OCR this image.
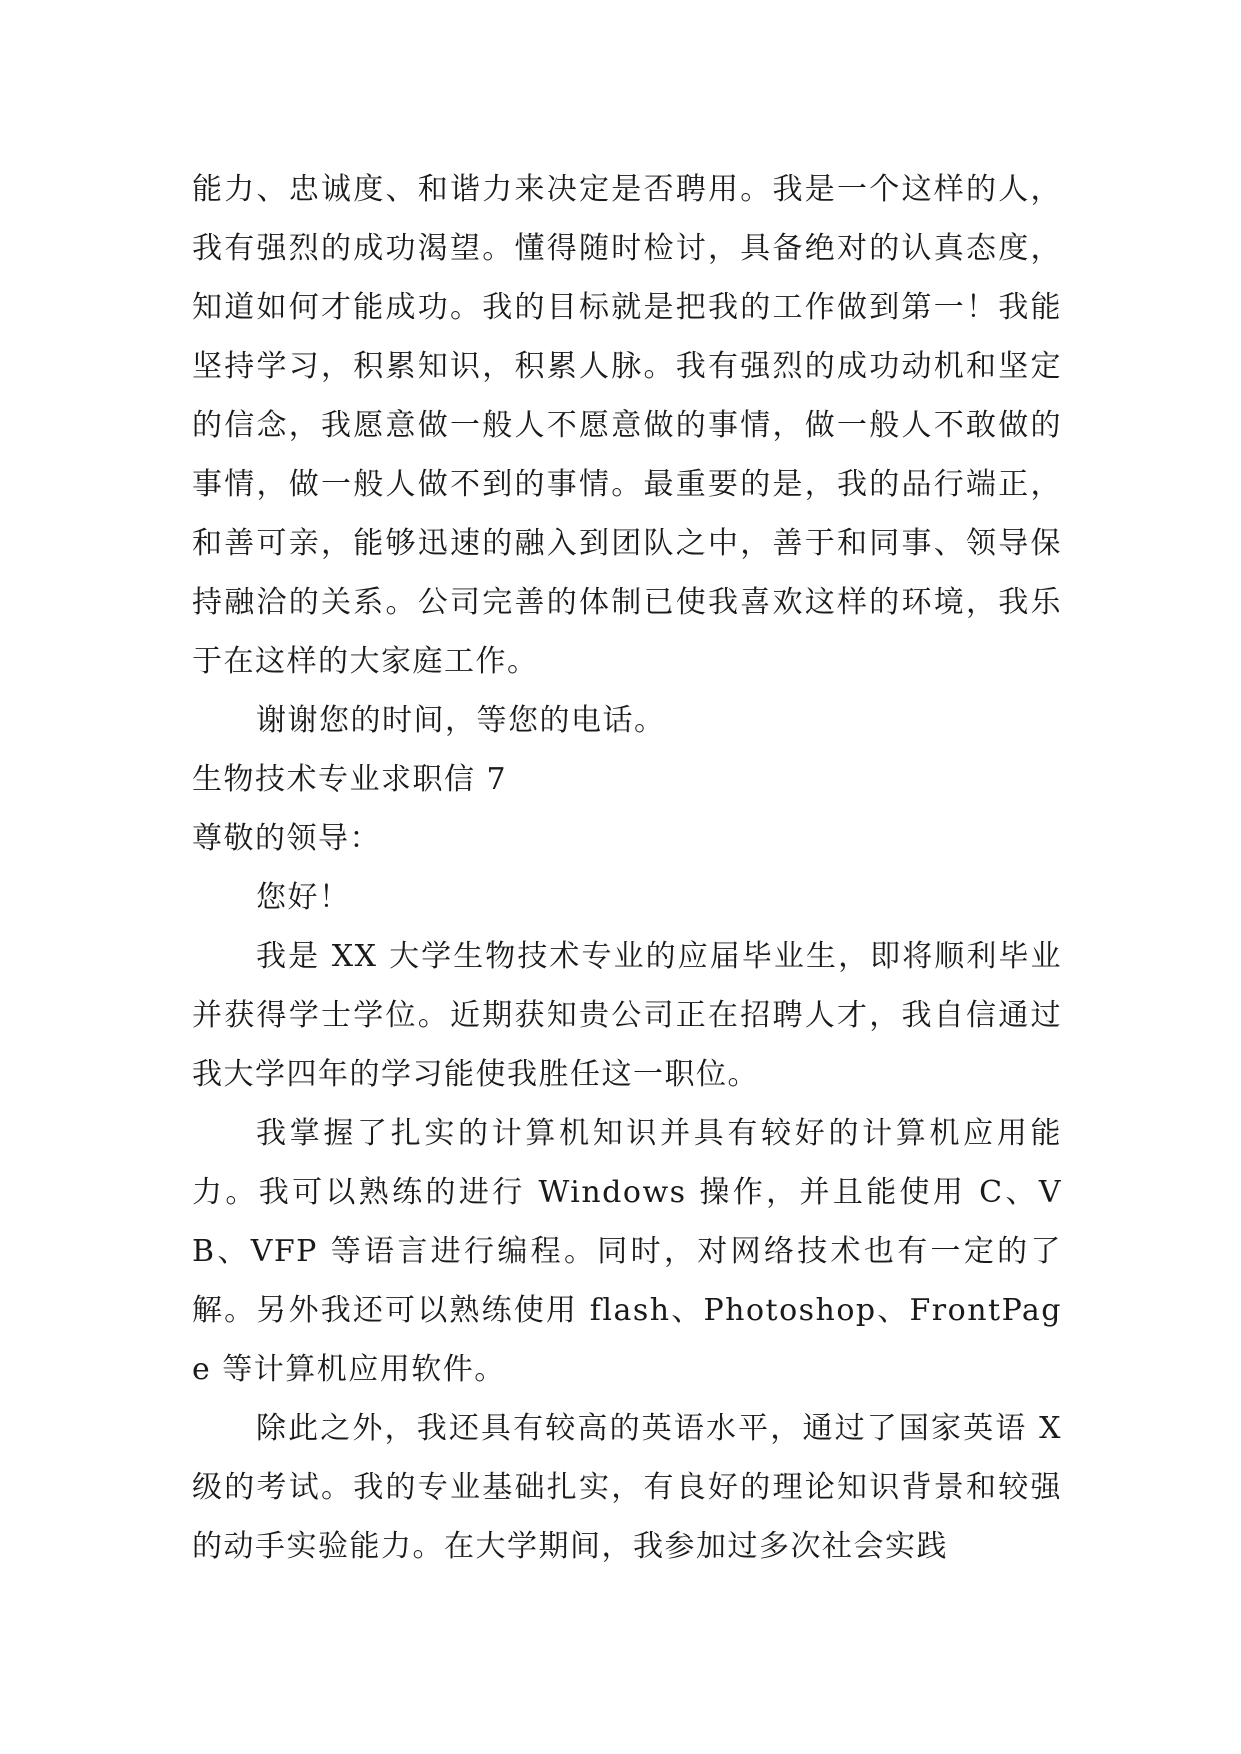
能力、忠诚度、和谐力来决定是否聘用。我是一个这样的人，我有强烈的成功渴望。懂得随时检讨，具备绝对的认真态度，知道如何才能成功。我的目标就是把我的工作做到第一！我能坚持学习，积累知识，积累人脉。我有强烈的成功动机和坚定的信念，我愿意做一般人不愿意做的事情，做一般人不敢做的事情，做一般人做不到的事情。最重要的是，我的品行端正，和善可亲，能够迅速的融入到团队之中，善于和同事、领导保持融洽的关系。公司完善的体制已使我喜欢这样的环境，我乐于在这样的大家庭工作。

谢谢您的时间，等您的电话。

生物技术专业求职信 7

尊敬的领导：

您好！

我是 XX 大学生物技术专业的应届毕业生，即将顺利毕业并获得学士学位。近期获知贵公司正在招聘人才，我自信通过我大学四年的学习能使我胜任这一职位。

我掌握了扎实的计算机知识并具有较好的计算机应用能力。我可以熟练的进行 Windows 操作，并且能使用 C、VB、VFP 等语言进行编程。同时，对网络技术也有一定的了解。另外我还可以熟练使用 flash、Photoshop、FrontPage 等计算机应用软件。

除此之外，我还具有较高的英语水平，通过了国家英语 X 级的考试。我的专业基础扎实，有良好的理论知识背景和较强的动手实验能力。在大学期间，我参加过多次社会实践
